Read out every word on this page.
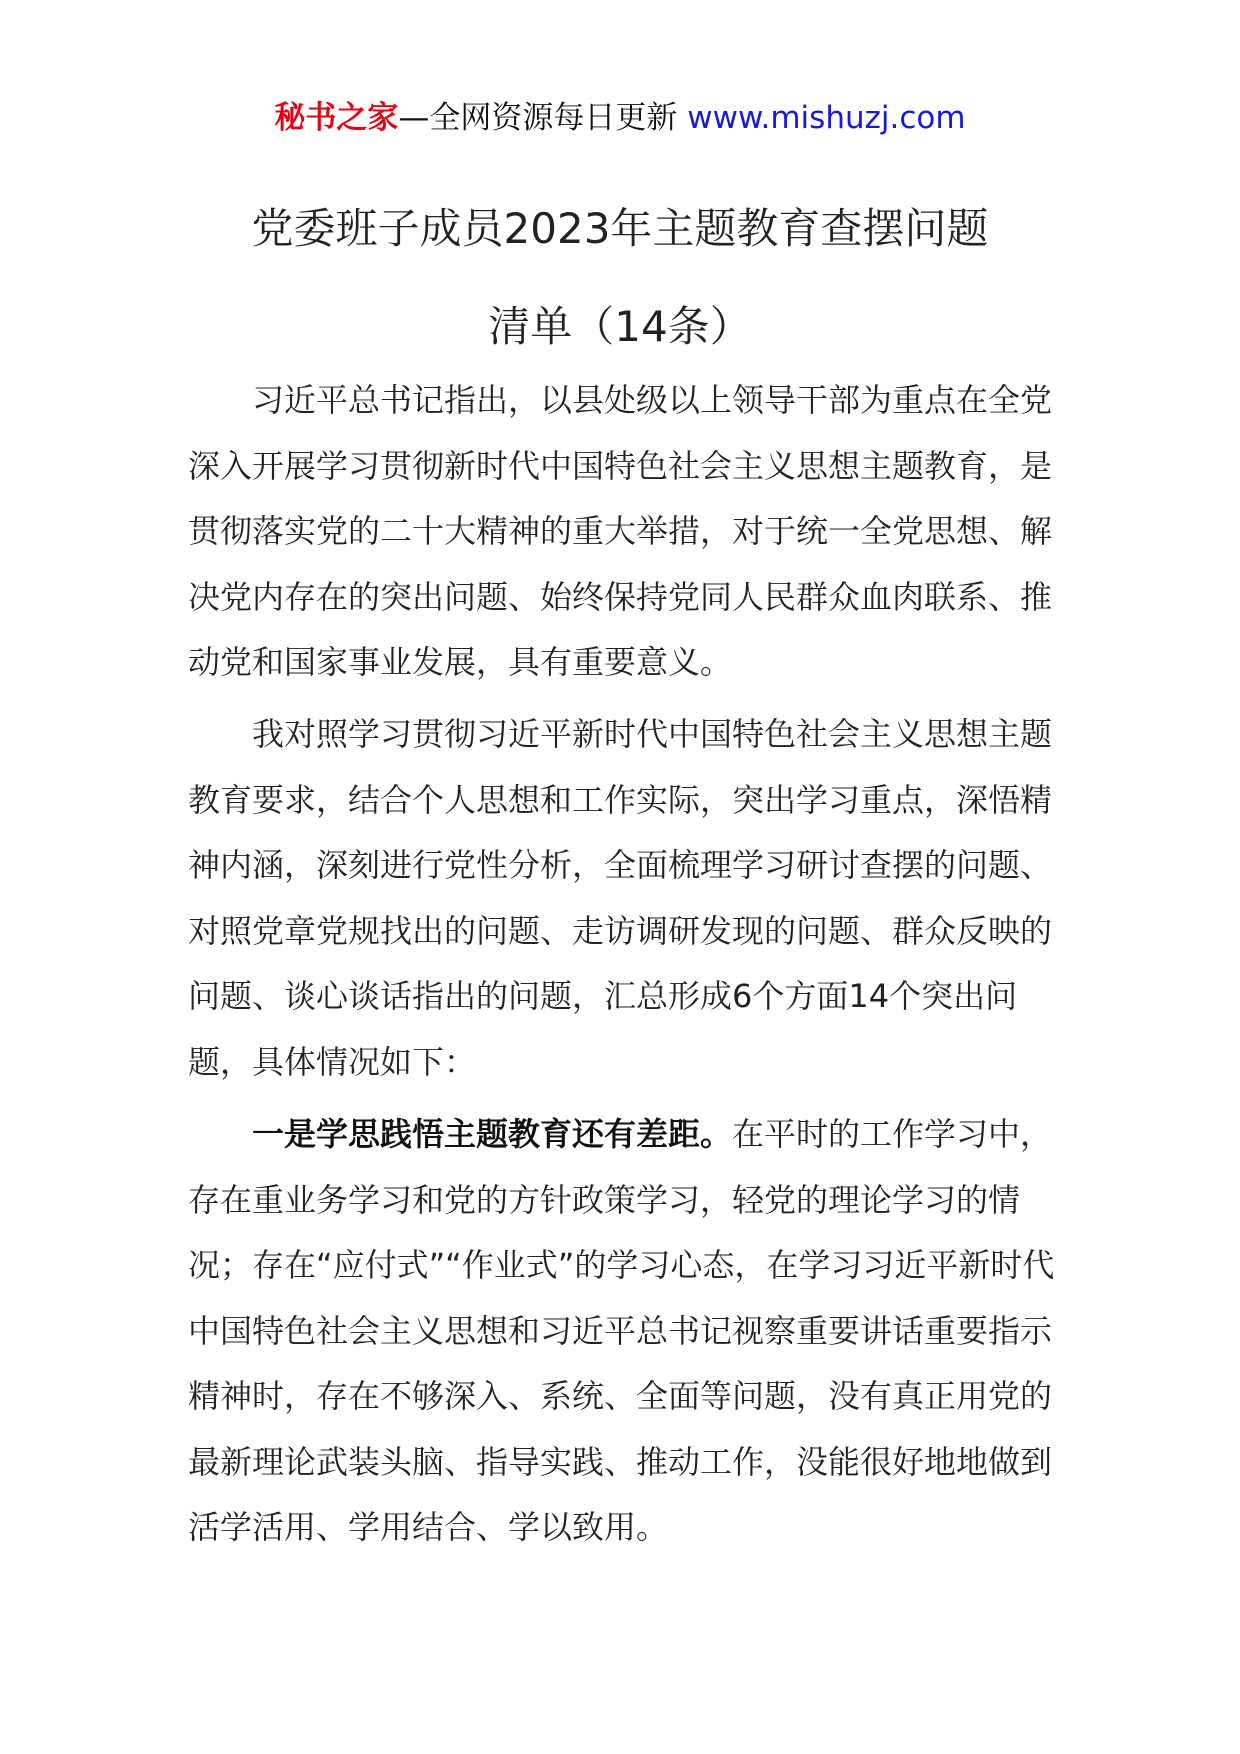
秘书之家—全网资源每日更新 www.mishuzj.com
党委班子成员2023年主题教育查摆问题
清单（14条）

习近平总书记指出，以县处级以上领导干部为重点在全党深入开展学习贯彻新时代中国特色社会主义思想主题教育，是贯彻落实党的二十大精神的重大举措，对于统一全党思想、解决党内存在的突出问题、始终保持党同人民群众血肉联系、推动党和国家事业发展，具有重要意义。

我对照学习贯彻习近平新时代中国特色社会主义思想主题教育要求，结合个人思想和工作实际，突出学习重点，深悟精神内涵，深刻进行党性分析，全面梳理学习研讨查摆的问题、对照党章党规找出的问题、走访调研发现的问题、群众反映的问题、谈心谈话指出的问题，汇总形成6个方面14个突出问题，具体情况如下：

一是学思践悟主题教育还有差距。在平时的工作学习中，存在重业务学习和党的方针政策学习，轻党的理论学习的情况；存在“应付式”“作业式”的学习心态，在学习习近平新时代中国特色社会主义思想和习近平总书记视察重要讲话重要指示精神时，存在不够深入、系统、全面等问题，没有真正用党的最新理论武装头脑、指导实践、推动工作，没能很好地地做到活学活用、学用结合、学以致用。
